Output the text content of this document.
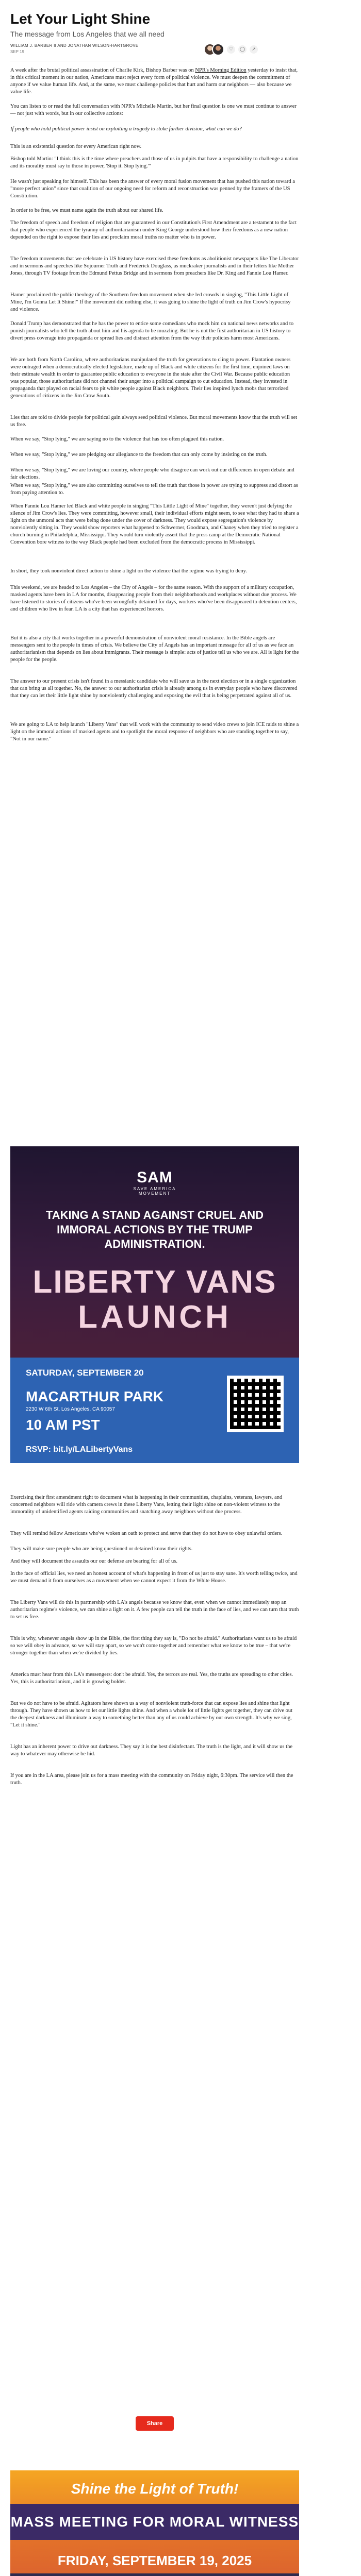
Let Your Light Shine
The message from Los Angeles that we all need
WILLIAM J. BARBER II AND JONATHAN WILSON-HARTGROVE
SEP 19	♡	◯	↗

A week after the brutal political assassination of Charlie Kirk, Bishop Barber was on NPR's Morning Edition yesterday to insist that, in this critical moment in our nation, Americans must reject every form of political violence. We must deepen the commitment of anyone if we value human life. And, at the same, we must challenge policies that hurt and harm our neighbors — also because we value life.

You can listen to or read the full conversation with NPR's Michelle Martin, but her final question is one we must continue to answer — not just with words, but in our collective actions:

If people who hold political power insist on exploiting a tragedy to stoke further division, what can we do?

This is an existential question for every American right now.

Bishop told Martin: "I think this is the time where preachers and those of us in pulpits that have a responsibility to challenge a nation and its morality must say to those in power, 'Stop it. Stop lying.'"

He wasn't just speaking for himself. This has been the answer of every moral fusion movement that has pushed this nation toward a "more perfect union" since that coalition of our ongoing need for reform and reconstruction was penned by the framers of the US Constitution.

In order to be free, we must name again the truth about our shared life.

The freedom of speech and freedom of religion that are guaranteed in our Constitution's First Amendment are a testament to the fact that people who experienced the tyranny of authoritarianism under King George understood how their freedoms as a new nation depended on the right to expose their lies and proclaim moral truths no matter who is in power.

The freedom movements that we celebrate in US history have exercised these freedoms as abolitionist newspapers like The Liberator and in sermons and speeches like Sojourner Truth and Frederick Douglass, as muckraker journalists and in their letters like Mother Jones, through TV footage from the Edmund Pettus Bridge and in sermons from preachers like Dr. King and Fannie Lou Hamer.

Hamer proclaimed the public theology of the Southern freedom movement when she led crowds in singing, "This Little Light of Mine, I'm Gonna Let It Shine!" If the movement did nothing else, it was going to shine the light of truth on Jim Crow's hypocrisy and violence.

Donald Trump has demonstrated that he has the power to entice some comedians who mock him on national news networks and to punish journalists who tell the truth about him and his agenda to be muzzling. But he is not the first authoritarian in US history to divert press coverage into propaganda or spread lies and distract attention from the way their policies harm most Americans.

We are both from North Carolina, where authoritarians manipulated the truth for generations to cling to power. Plantation owners were outraged when a democratically elected legislature, made up of Black and white citizens for the first time, enjoined laws on their estimate wealth in order to guarantee public education to everyone in the state after the Civil War. Because public education was popular, those authoritarians did not channel their anger into a political campaign to cut education. Instead, they invested in propaganda that played on racial fears to pit white people against Black neighbors. Their lies inspired lynch mobs that terrorized generations of citizens in the Jim Crow South.

Lies that are told to divide people for political gain always seed political violence. But moral movements know that the truth will set us free.

When we say, "Stop lying," we are saying no to the violence that has too often plagued this nation.

When we say, "Stop lying," we are pledging our allegiance to the freedom that can only come by insisting on the truth.

When we say, "Stop lying," we are loving our country, where people who disagree can work out our differences in open debate and fair elections.

When we say, "Stop lying," we are also committing ourselves to tell the truth that those in power are trying to suppress and distort as from paying attention to.

When Fannie Lou Hamer led Black and white people in singing "This Little Light of Mine" together, they weren't just defying the silence of Jim Crow's lies. They were committing, however small, their individual efforts might seem, to see what they had to share a light on the unmoral acts that were being done under the cover of darkness. They would expose segregation's violence by nonviolently sitting in. They would show reporters what happened to Schwerner, Goodman, and Chaney when they tried to register a church burning in Philadelphia, Mississippi. They would turn violently assert that the press camp at the Democratic National Convention bore witness to the way Black people had been excluded from the democratic process in Mississippi.

In short, they took nonviolent direct action to shine a light on the violence that the regime was trying to deny.

This weekend, we are headed to Los Angeles – the City of Angels – for the same reason. With the support of a military occupation, masked agents have been in LA for months, disappearing people from their neighborhoods and workplaces without due process. We have listened to stories of citizens who've been wrongfully detained for days, workers who've been disappeared to detention centers, and children who live in fear. LA is a city that has experienced horrors.

But it is also a city that works together in a powerful demonstration of nonviolent moral resistance. In the Bible angels are messengers sent to the people in times of crisis. We believe the City of Angels has an important message for all of us as we face an authoritarianism that depends on lies about immigrants. Their message is simple: acts of justice tell us who we are. All is light for the people for the people.

The answer to our present crisis isn't found in a messianic candidate who will save us in the next election or in a single organization that can bring us all together. No, the answer to our authoritarian crisis is already among us in everyday people who have discovered that they can let their little light shine by nonviolently challenging and exposing the evil that is being perpetrated against all of us.

We are going to LA to help launch "Liberty Vans" that will work with the community to send video crews to join ICE raids to shine a light on the immoral actions of masked agents and to spotlight the moral response of neighbors who are standing together to say, "Not in our name."

SAM
SAVE AMERICA MOVEMENT
TAKING A STAND AGAINST CRUEL AND IMMORAL ACTIONS BY THE TRUMP ADMINISTRATION.
LIBERTY VANS
LAUNCH
SATURDAY, SEPTEMBER 20
MACARTHUR PARK
2230 W 6th St, Los Angeles, CA 90057
10 AM PST
RSVP: bit.ly/LALibertyVans

Exercising their first amendment right to document what is happening in their communities, chaplains, veterans, lawyers, and concerned neighbors will ride with camera crews in these Liberty Vans, letting their light shine on non-violent witness to the immorality of unidentified agents raiding communities and snatching away neighbors without due process.

They will remind fellow Americans who've woken an oath to protect and serve that they do not have to obey unlawful orders.

They will make sure people who are being questioned or detained know their rights.

And they will document the assaults our our defense are bearing for all of us.

In the face of official lies, we need an honest account of what's happening in front of us just to stay sane. It's worth telling twice, and we must demand it from ourselves as a movement when we cannot expect it from the White House.

The Liberty Vans will do this in partnership with LA's angels because we know that, even when we cannot immediately stop an authoritarian regime's violence, we can shine a light on it. A few people can tell the truth in the face of lies, and we can turn that truth to set us free.

This is why, whenever angels show up in the Bible, the first thing they say is, "Do not be afraid." Authoritarians want us to be afraid so we will obey in advance, so we will stay apart, so we won't come together and remember what we know to be true – that we're stronger together than when we're divided by lies.

America must hear from this LA's messengers: don't be afraid. Yes, the terrors are real. Yes, the truths are spreading to other cities. Yes, this is authoritarianism, and it is growing bolder.

But we do not have to be afraid. Agitators have shown us a way of nonviolent truth-force that can expose lies and shine that light through. They have shown us how to let our little lights shine. And when a whole lot of little lights get together, they can drive out the deepest darkness and illuminate a way to something better than any of us could achieve by our own strength. It's why we sing, "Let it shine."

Light has an inherent power to drive out darkness. They say it is the best disinfectant. The truth is the light, and it will show us the way to whatever may otherwise be hid.

If you are in the LA area, please join us for a mass meeting with the community on Friday night, 6:30pm. The service will then the truth.

Share
Shine the Light of Truth!
MASS MEETING FOR MORAL WITNESS
FRIDAY, SEPTEMBER 19, 2025
